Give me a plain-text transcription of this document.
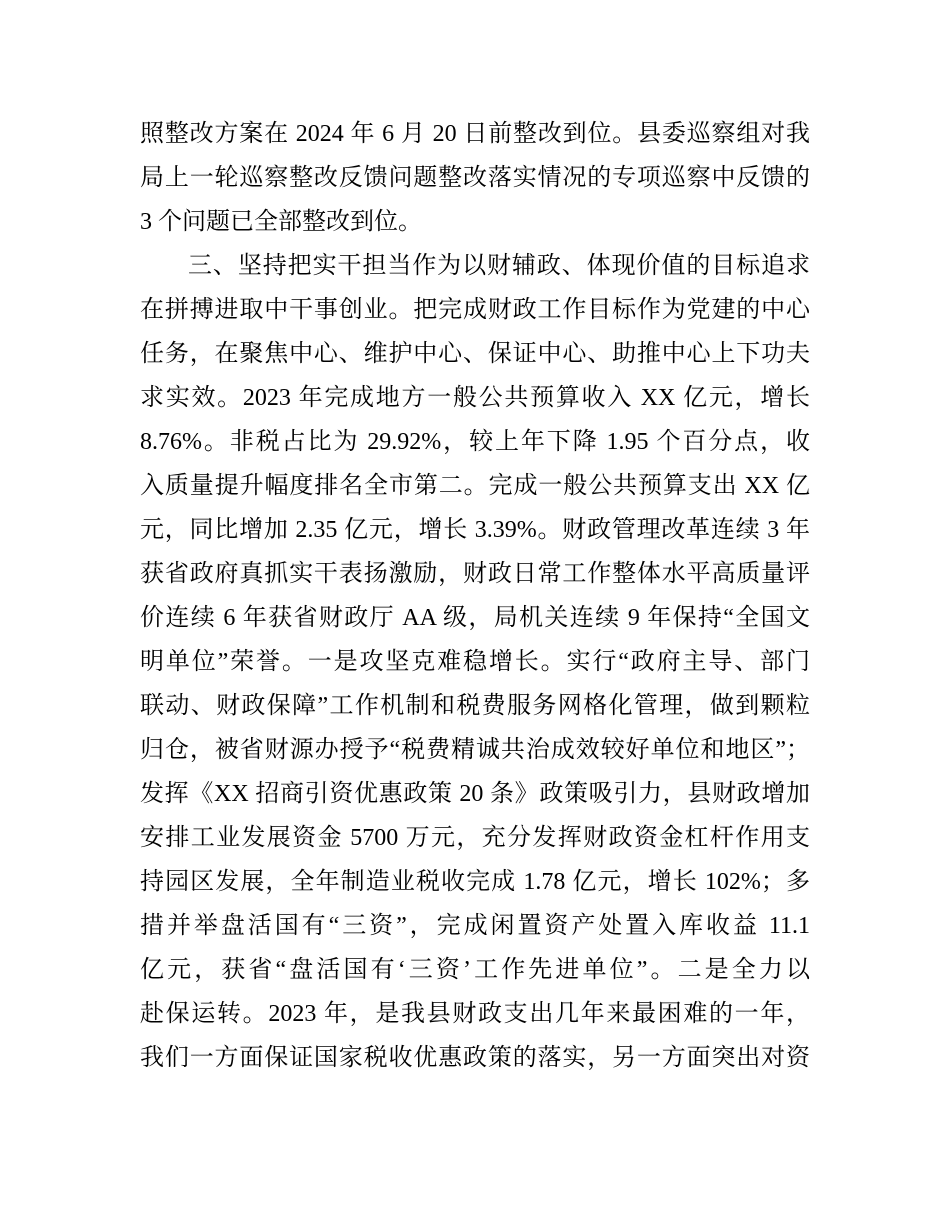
照整改方案在 2024 年 6 月 20 日前整改到位。县委巡察组对我
局上一轮巡察整改反馈问题整改落实情况的专项巡察中反馈的
3 个问题已全部整改到位。
三、坚持把实干担当作为以财辅政、体现价值的目标追求
在拼搏进取中干事创业。把完成财政工作目标作为党建的中心
任务，在聚焦中心、维护中心、保证中心、助推中心上下功夫
求实效。2023 年完成地方一般公共预算收入 XX 亿元，增长
8.76%。非税占比为 29.92%，较上年下降 1.95 个百分点，收
入质量提升幅度排名全市第二。完成一般公共预算支出 XX 亿
元，同比增加 2.35 亿元，增长 3.39%。财政管理改革连续 3 年
获省政府真抓实干表扬激励，财政日常工作整体水平高质量评
价连续 6 年获省财政厅 AA 级，局机关连续 9 年保持“全国文
明单位”荣誉。一是攻坚克难稳增长。实行“政府主导、部门
联动、财政保障”工作机制和税费服务网格化管理，做到颗粒
归仓，被省财源办授予“税费精诚共治成效较好单位和地区”；
发挥《XX 招商引资优惠政策 20 条》政策吸引力，县财政增加
安排工业发展资金 5700 万元，充分发挥财政资金杠杆作用支
持园区发展，全年制造业税收完成 1.78 亿元，增长 102%；多
措并举盘活国有“三资”，完成闲置资产处置入库收益 11.1
亿元，获省“盘活国有‘三资’工作先进单位”。二是全力以
赴保运转。2023 年，是我县财政支出几年来最困难的一年，
我们一方面保证国家税收优惠政策的落实，另一方面突出对资
